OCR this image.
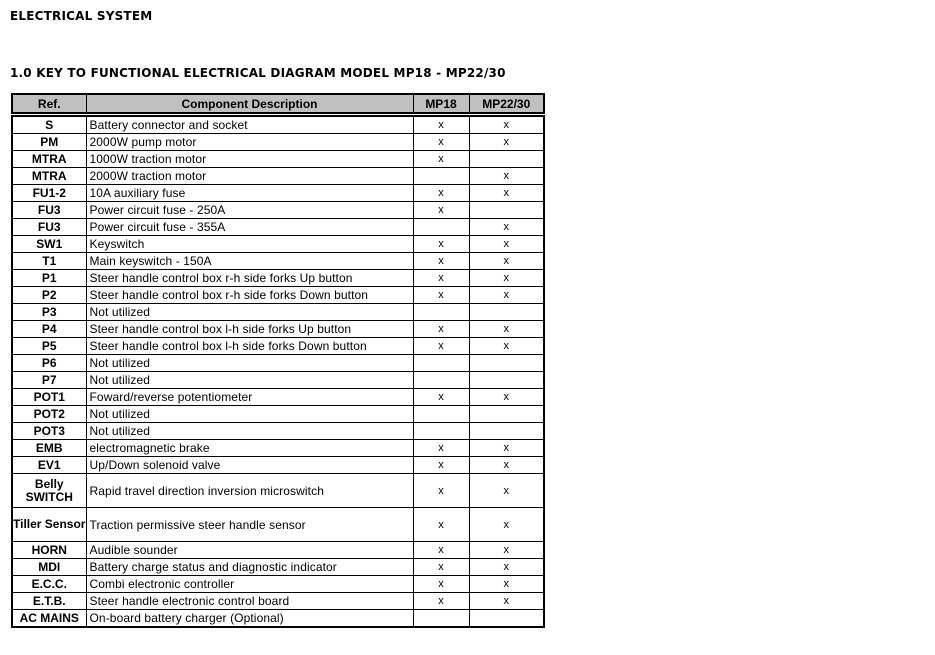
ELECTRICAL SYSTEM
1.0 KEY TO FUNCTIONAL ELECTRICAL DIAGRAM MODEL MP18 - MP22/30
Ref.	Component Description	MP18	MP22/30
S	Battery connector and socket	x	x
PM	2000W pump motor	x	x
MTRA	1000W traction motor	x	
MTRA	2000W traction motor		x
FU1-2	10A auxiliary fuse	x	x
FU3	Power circuit fuse - 250A	x	
FU3	Power circuit fuse - 355A		x
SW1	Keyswitch	x	x
T1	Main keyswitch - 150A	x	x
P1	Steer handle control box r-h side forks Up button	x	x
P2	Steer handle control box r-h side forks Down button	x	x
P3	Not utilized		
P4	Steer handle control box l-h side forks Up button	x	x
P5	Steer handle control box l-h side forks Down button	x	x
P6	Not utilized		
P7	Not utilized		
POT1	Foward/reverse potentiometer	x	x
POT2	Not utilized		
POT3	Not utilized		
EMB	electromagnetic brake	x	x
EV1	Up/Down solenoid valve	x	x
Belly SWITCH	Rapid travel direction inversion microswitch	x	x
Tiller Sensor	Traction permissive steer handle sensor	x	x
HORN	Audible sounder	x	x
MDI	Battery charge status and diagnostic indicator	x	x
E.C.C.	Combi electronic controller	x	x
E.T.B.	Steer handle electronic control board	x	x
AC MAINS	On-board battery charger (Optional)		
